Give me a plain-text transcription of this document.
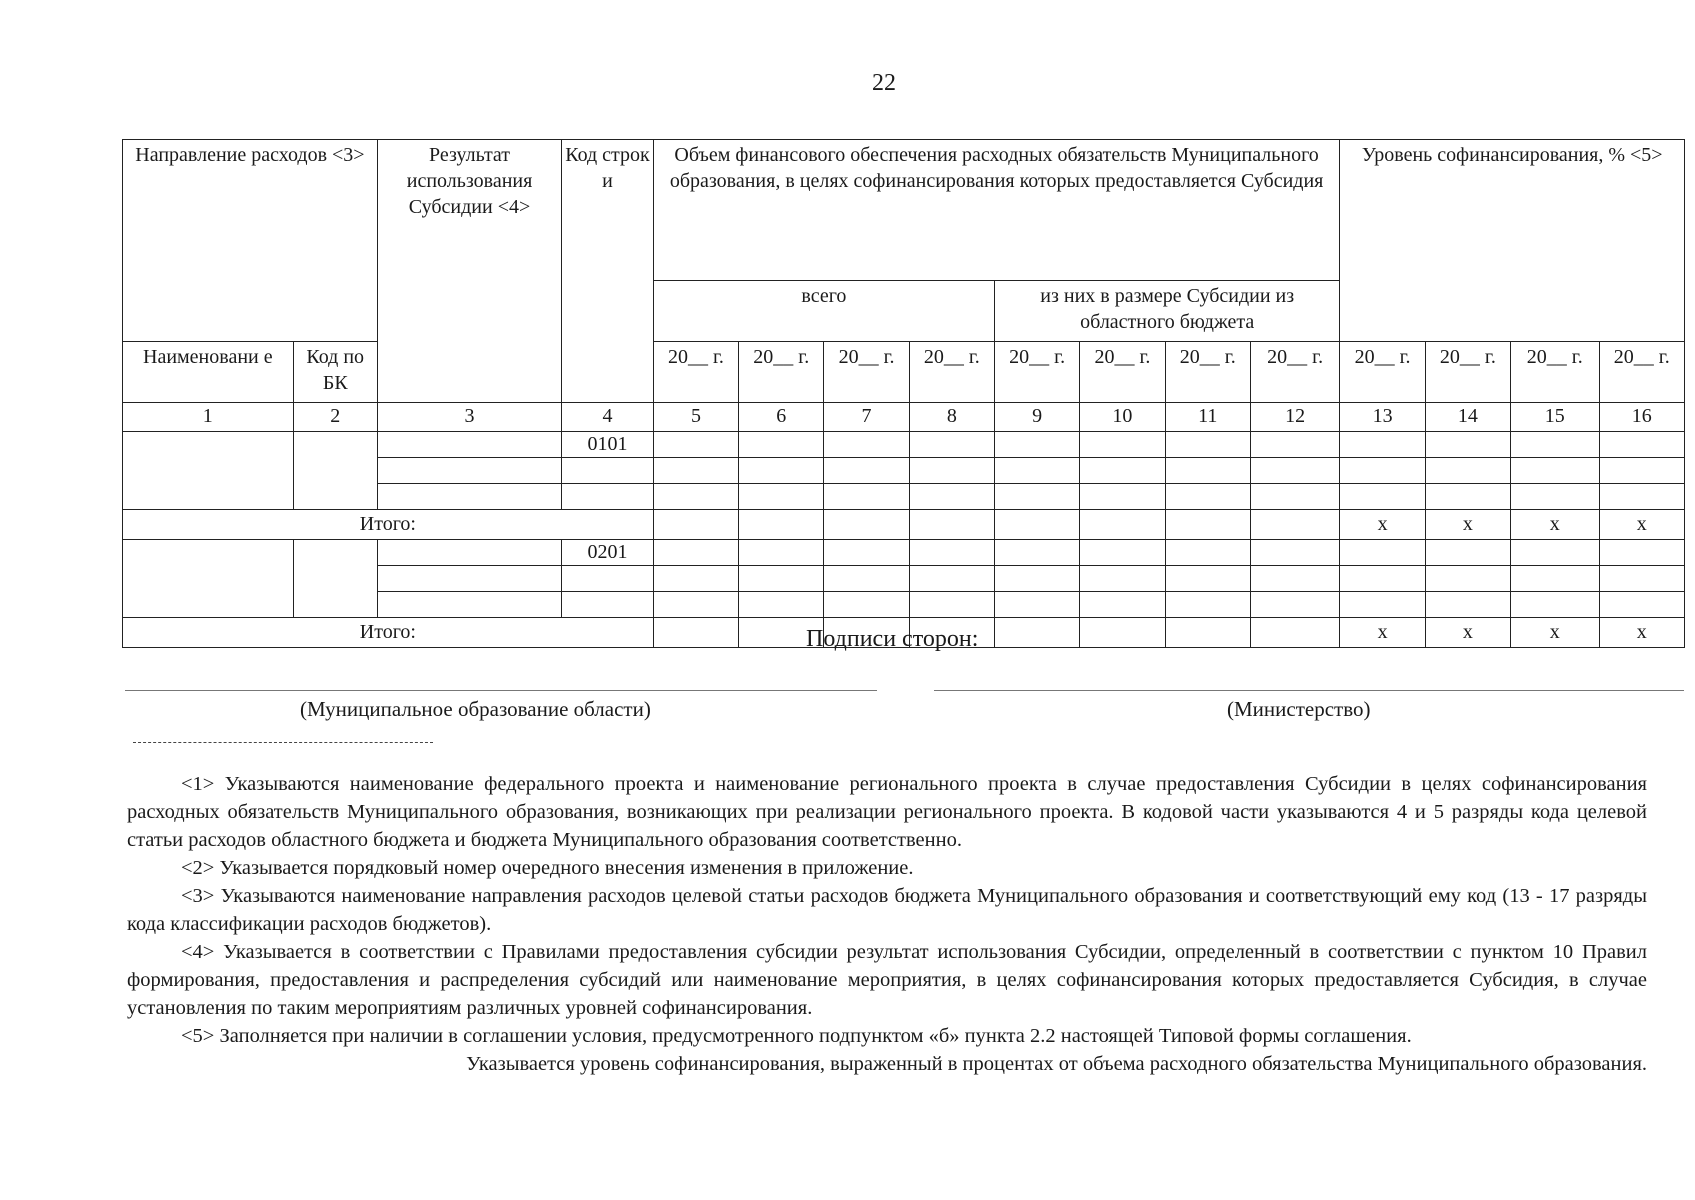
22
Направление расходов <3>		Результат использования Субсидии <4>	Код строк и	Объем финансового обеспечения расходных обязательств Муниципального образования, в целях софинансирования которых предоставляется Субсидия								Уровень софинансирования, % <5>			
				всего				из них в размере Субсидии из областного бюджета							
Наименовани е	Код по БК			20__ г.	20__ г.	20__ г.	20__ г.	20__ г.	20__ г.	20__ г.	20__ г.	20__ г.	20__ г.	20__ г.	20__ г.
1	2	3	4	5	6	7	8	9	10	11	12	13	14	15	16
			0101												

Итого:												x	x	x	x
			0201												

Итого:												x	x	x	x
Подписи сторон:
(Муниципальное образование области)	(Министерство)

<1> Указываются наименование федерального проекта и наименование регионального проекта в случае предоставления Субсидии в целях софинансирования расходных обязательств Муниципального образования, возникающих при реализации регионального проекта. В кодовой части указываются 4 и 5 разряды кода целевой статьи расходов областного бюджета и бюджета Муниципального образования соответственно.

<2> Указывается порядковый номер очередного внесения изменения в приложение.

<3> Указываются наименование направления расходов целевой статьи расходов бюджета Муниципального образования и соответствующий ему код (13 - 17 разряды кода классификации расходов бюджетов).

<4> Указывается в соответствии с Правилами предоставления субсидии результат использования Субсидии, определенный в соответствии с пунктом 10 Правил формирования, предоставления и распределения субсидий или наименование мероприятия, в целях софинансирования которых предоставляется Субсидия, в случае установления по таким мероприятиям различных уровней софинансирования.

<5> Заполняется при наличии в соглашении условия, предусмотренного подпунктом «б» пункта 2.2 настоящей Типовой формы соглашения.

Указывается уровень софинансирования, выраженный в процентах от объема расходного обязательства Муниципального образования.
